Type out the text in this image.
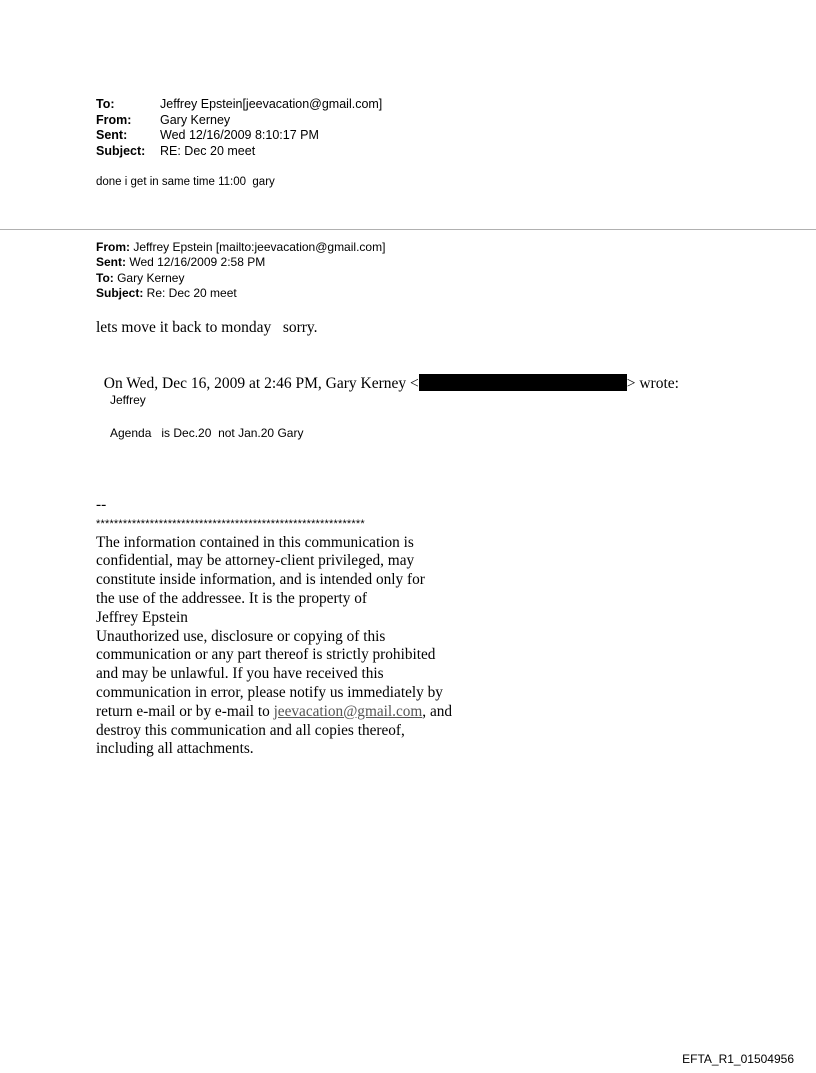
To:	Jeffrey Epstein[jeevacation@gmail.com]
From:	Gary Kerney
Sent:	Wed 12/16/2009 8:10:17 PM
Subject:	RE: Dec 20 meet
done i get in same time 11:00  gary
From: Jeffrey Epstein [mailto:jeevacation@gmail.com]
Sent: Wed 12/16/2009 2:58 PM
To: Gary Kerney
Subject: Re: Dec 20 meet
lets move it back to monday   sorry.

On Wed, Dec 16, 2009 at 2:46 PM, Gary Kerney <	> wrote:

Jeffrey
Agenda   is Dec.20  not Jan.20 Gary
--
************************************************************
The information contained in this communication is
confidential, may be attorney-client privileged, may
constitute inside information, and is intended only for
the use of the addressee. It is the property of
Jeffrey Epstein
Unauthorized use, disclosure or copying of this
communication or any part thereof is strictly prohibited
and may be unlawful. If you have received this
communication in error, please notify us immediately by
return e-mail or by e-mail to jeevacation@gmail.com, and
destroy this communication and all copies thereof,
including all attachments.
EFTA_R1_01504956
